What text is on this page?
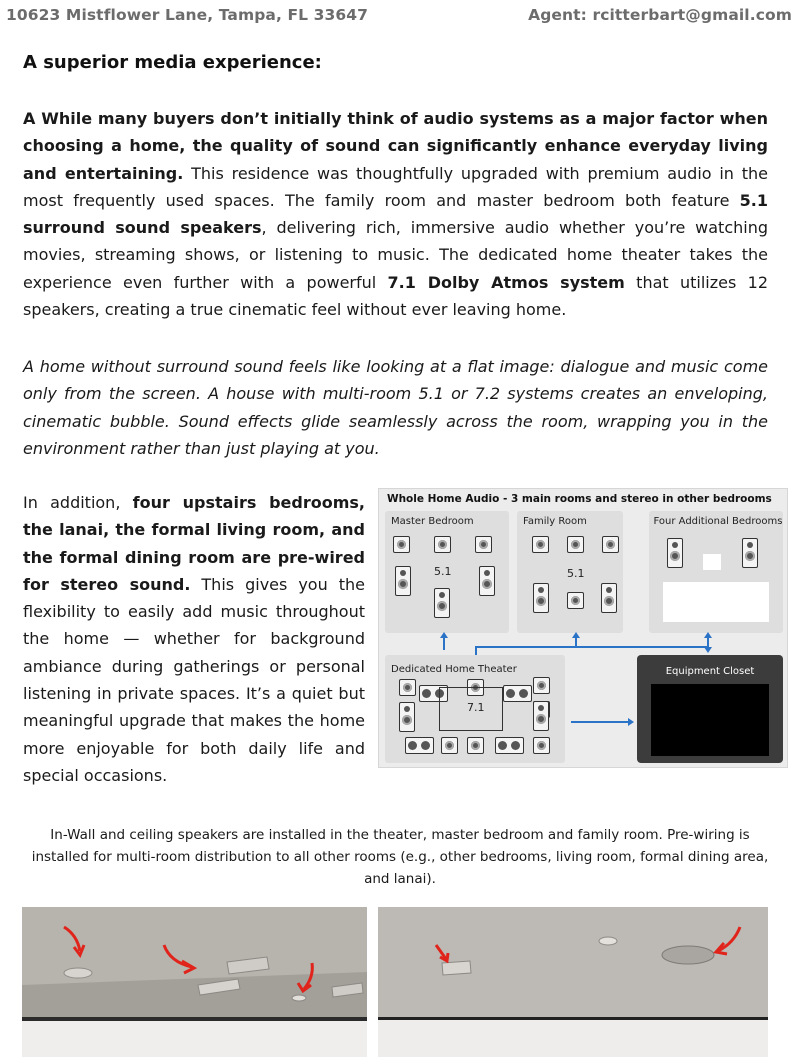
10623 Mistflower Lane, Tampa, FL 33647	Agent: rcitterbart@gmail.com
A superior media experience:
A While many buyers don’t initially think of audio systems as a major factor when choosing a home, the quality of sound can significantly enhance everyday living and entertaining. This residence was thoughtfully upgraded with premium audio in the most frequently used spaces. The family room and master bedroom both feature 5.1 surround sound speakers, delivering rich, immersive audio whether you’re watching movies, streaming shows, or listening to music. The dedicated home theater takes the experience even further with a powerful 7.1 Dolby Atmos system that utilizes 12 speakers, creating a true cinematic feel without ever leaving home.
A home without surround sound feels like looking at a flat image: dialogue and music come only from the screen. A house with multi-room 5.1 or 7.2 systems creates an enveloping, cinematic bubble. Sound effects glide seamlessly across the room, wrapping you in the environment rather than just playing at you.
In addition, four upstairs bedrooms, the lanai, the formal living room, and the formal dining room are pre-wired for stereo sound. This gives you the flexibility to easily add music throughout the home — whether for background ambiance during gatherings or personal listening in private spaces. It’s a quiet but meaningful upgrade that makes the home more enjoyable for both daily life and special occasions.
Whole Home Audio - 3 main rooms and stereo in other bedrooms
Master Bedroom
5.1
Family Room
5.1
Four Additional Bedrooms
Dedicated Home Theater
7.1
Equipment Closet
In-Wall and ceiling speakers are installed in the theater, master bedroom and family room. Pre-wiring is installed for multi-room distribution to all other rooms (e.g., other bedrooms, living room, formal dining area, and lanai).
